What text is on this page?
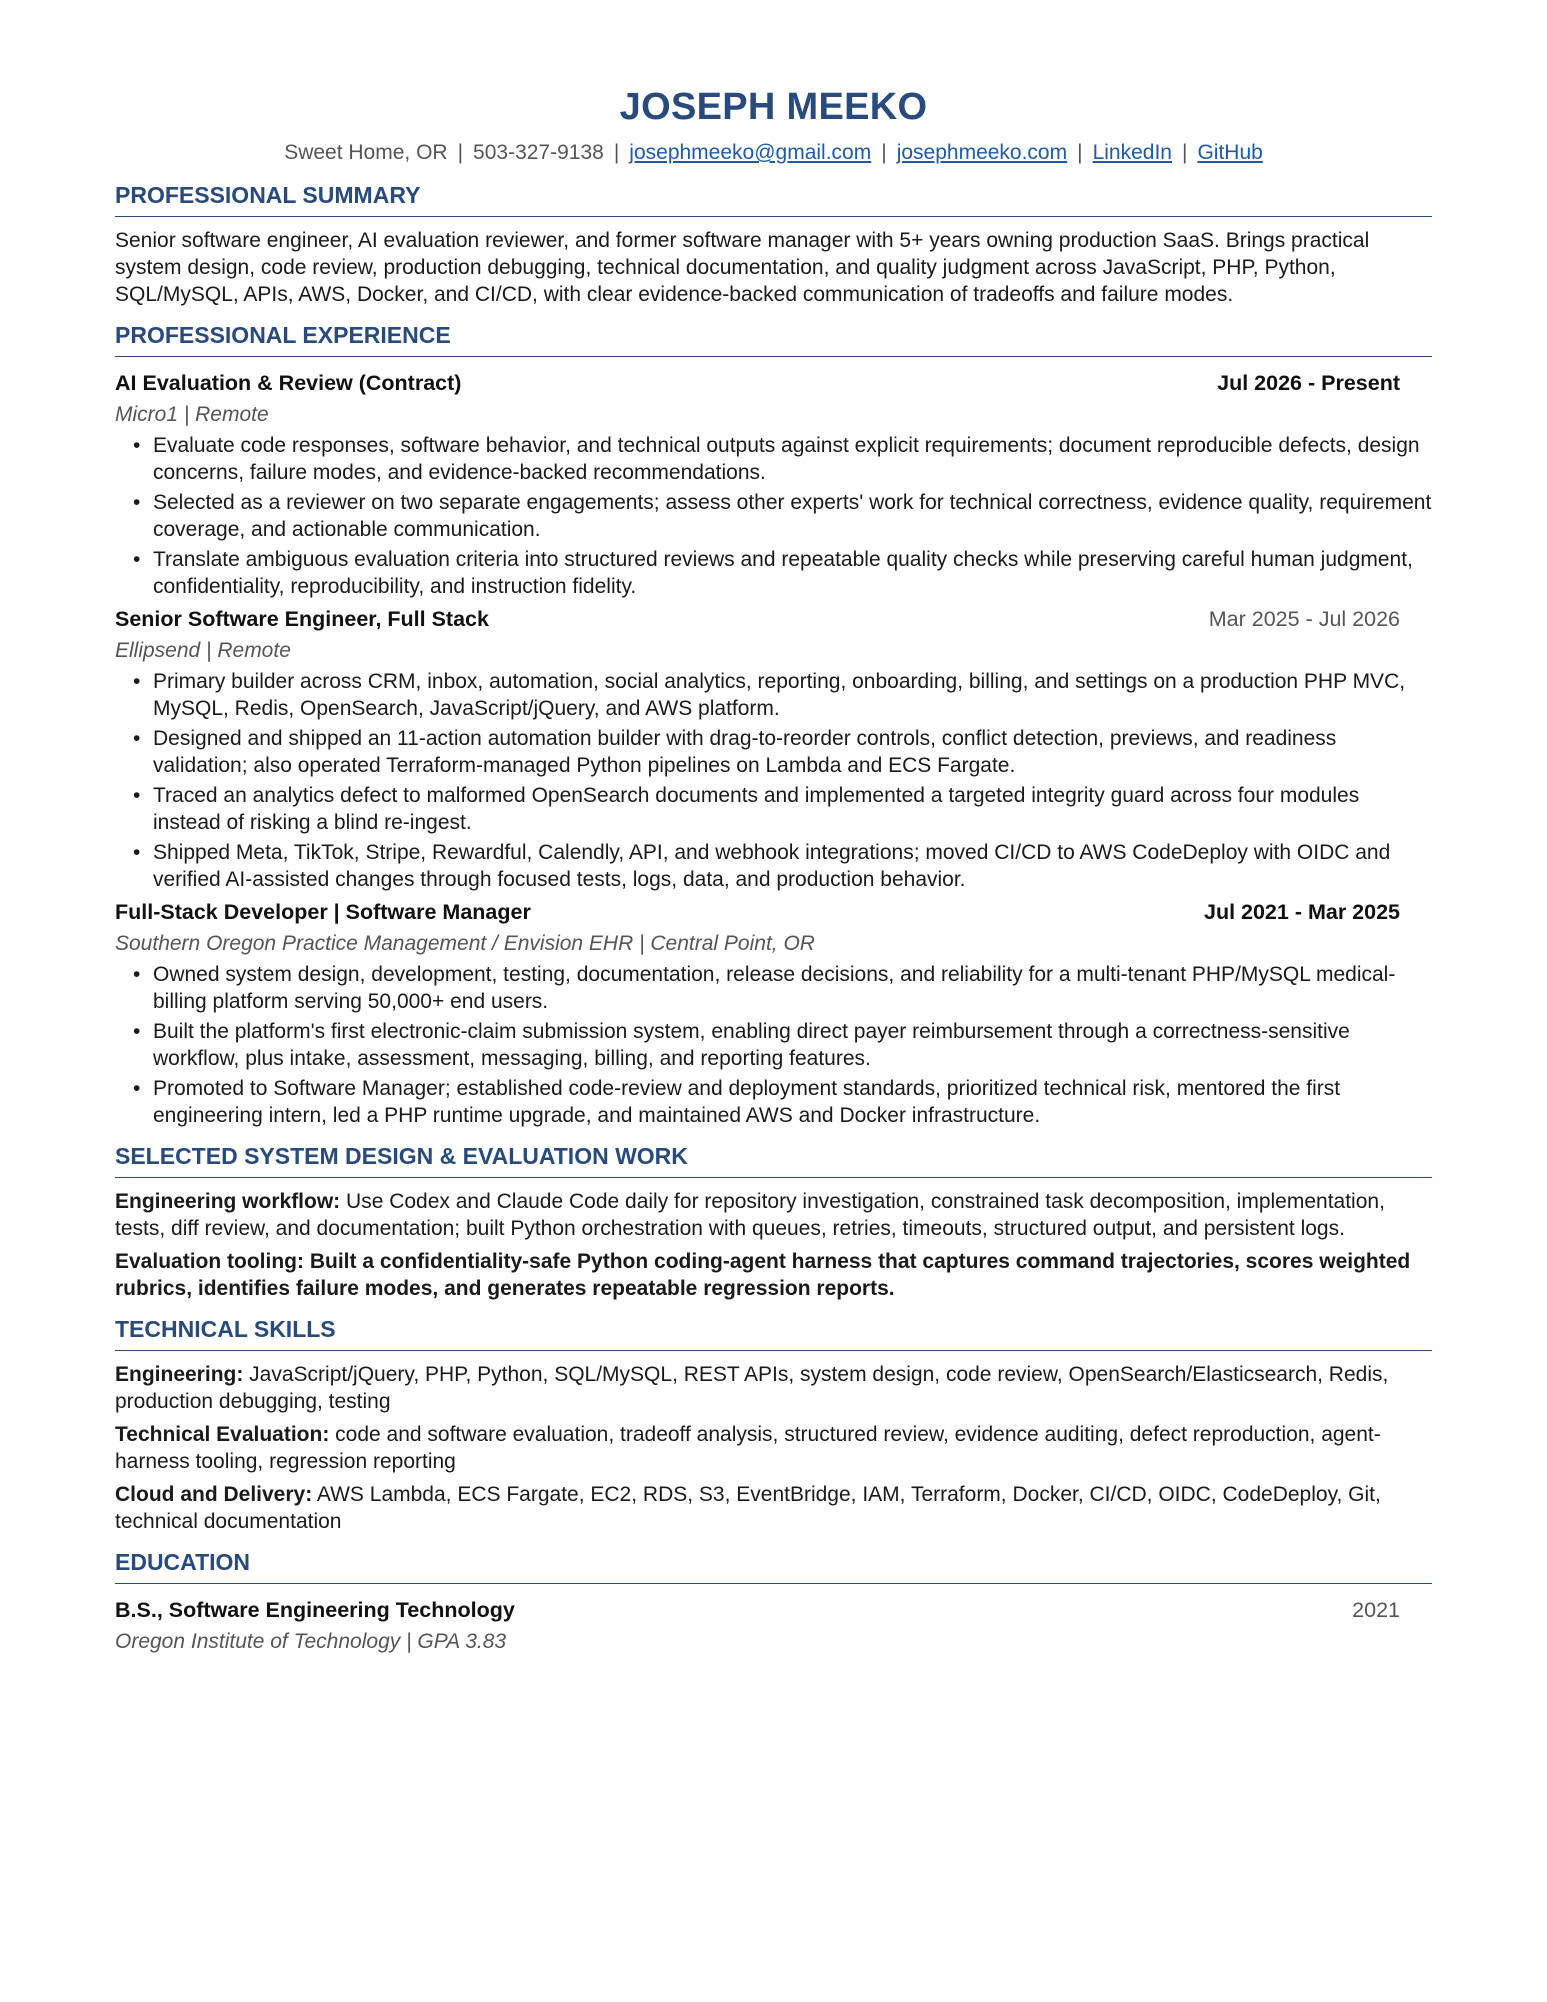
JOSEPH MEEKO
Sweet Home, OR | 503-327-9138 | josephmeeko@gmail.com | josephmeeko.com | LinkedIn | GitHub
PROFESSIONAL SUMMARY

Senior software engineer, AI evaluation reviewer, and former software manager with 5+ years owning production SaaS. Brings practical system design, code review, production debugging, technical documentation, and quality judgment across JavaScript, PHP, Python, SQL/MySQL, APIs, AWS, Docker, and CI/CD, with clear evidence-backed communication of tradeoffs and failure modes.

PROFESSIONAL EXPERIENCE
AI Evaluation & Review (Contract)	Jul 2026 - Present
Micro1 | Remote
• Evaluate code responses, software behavior, and technical outputs against explicit requirements; document reproducible defects, design concerns, failure modes, and evidence-backed recommendations.
• Selected as a reviewer on two separate engagements; assess other experts' work for technical correctness, evidence quality, requirement coverage, and actionable communication.
• Translate ambiguous evaluation criteria into structured reviews and repeatable quality checks while preserving careful human judgment, confidentiality, reproducibility, and instruction fidelity.
Senior Software Engineer, Full Stack	Mar 2025 - Jul 2026
Ellipsend | Remote
• Primary builder across CRM, inbox, automation, social analytics, reporting, onboarding, billing, and settings on a production PHP MVC, MySQL, Redis, OpenSearch, JavaScript/jQuery, and AWS platform.
• Designed and shipped an 11-action automation builder with drag-to-reorder controls, conflict detection, previews, and readiness validation; also operated Terraform-managed Python pipelines on Lambda and ECS Fargate.
• Traced an analytics defect to malformed OpenSearch documents and implemented a targeted integrity guard across four modules instead of risking a blind re-ingest.
• Shipped Meta, TikTok, Stripe, Rewardful, Calendly, API, and webhook integrations; moved CI/CD to AWS CodeDeploy with OIDC and verified AI-assisted changes through focused tests, logs, data, and production behavior.
Full-Stack Developer | Software Manager	Jul 2021 - Mar 2025
Southern Oregon Practice Management / Envision EHR | Central Point, OR
• Owned system design, development, testing, documentation, release decisions, and reliability for a multi-tenant PHP/MySQL medical-billing platform serving 50,000+ end users.
• Built the platform's first electronic-claim submission system, enabling direct payer reimbursement through a correctness-sensitive workflow, plus intake, assessment, messaging, billing, and reporting features.
• Promoted to Software Manager; established code-review and deployment standards, prioritized technical risk, mentored the first engineering intern, led a PHP runtime upgrade, and maintained AWS and Docker infrastructure.
SELECTED SYSTEM DESIGN & EVALUATION WORK

Engineering workflow: Use Codex and Claude Code daily for repository investigation, constrained task decomposition, implementation, tests, diff review, and documentation; built Python orchestration with queues, retries, timeouts, structured output, and persistent logs.

Evaluation tooling: Built a confidentiality-safe Python coding-agent harness that captures command trajectories, scores weighted rubrics, identifies failure modes, and generates repeatable regression reports.

TECHNICAL SKILLS

Engineering: JavaScript/jQuery, PHP, Python, SQL/MySQL, REST APIs, system design, code review, OpenSearch/Elasticsearch, Redis, production debugging, testing

Technical Evaluation: code and software evaluation, tradeoff analysis, structured review, evidence auditing, defect reproduction, agent-harness tooling, regression reporting

Cloud and Delivery: AWS Lambda, ECS Fargate, EC2, RDS, S3, EventBridge, IAM, Terraform, Docker, CI/CD, OIDC, CodeDeploy, Git, technical documentation

EDUCATION
B.S., Software Engineering Technology	2021
Oregon Institute of Technology | GPA 3.83
